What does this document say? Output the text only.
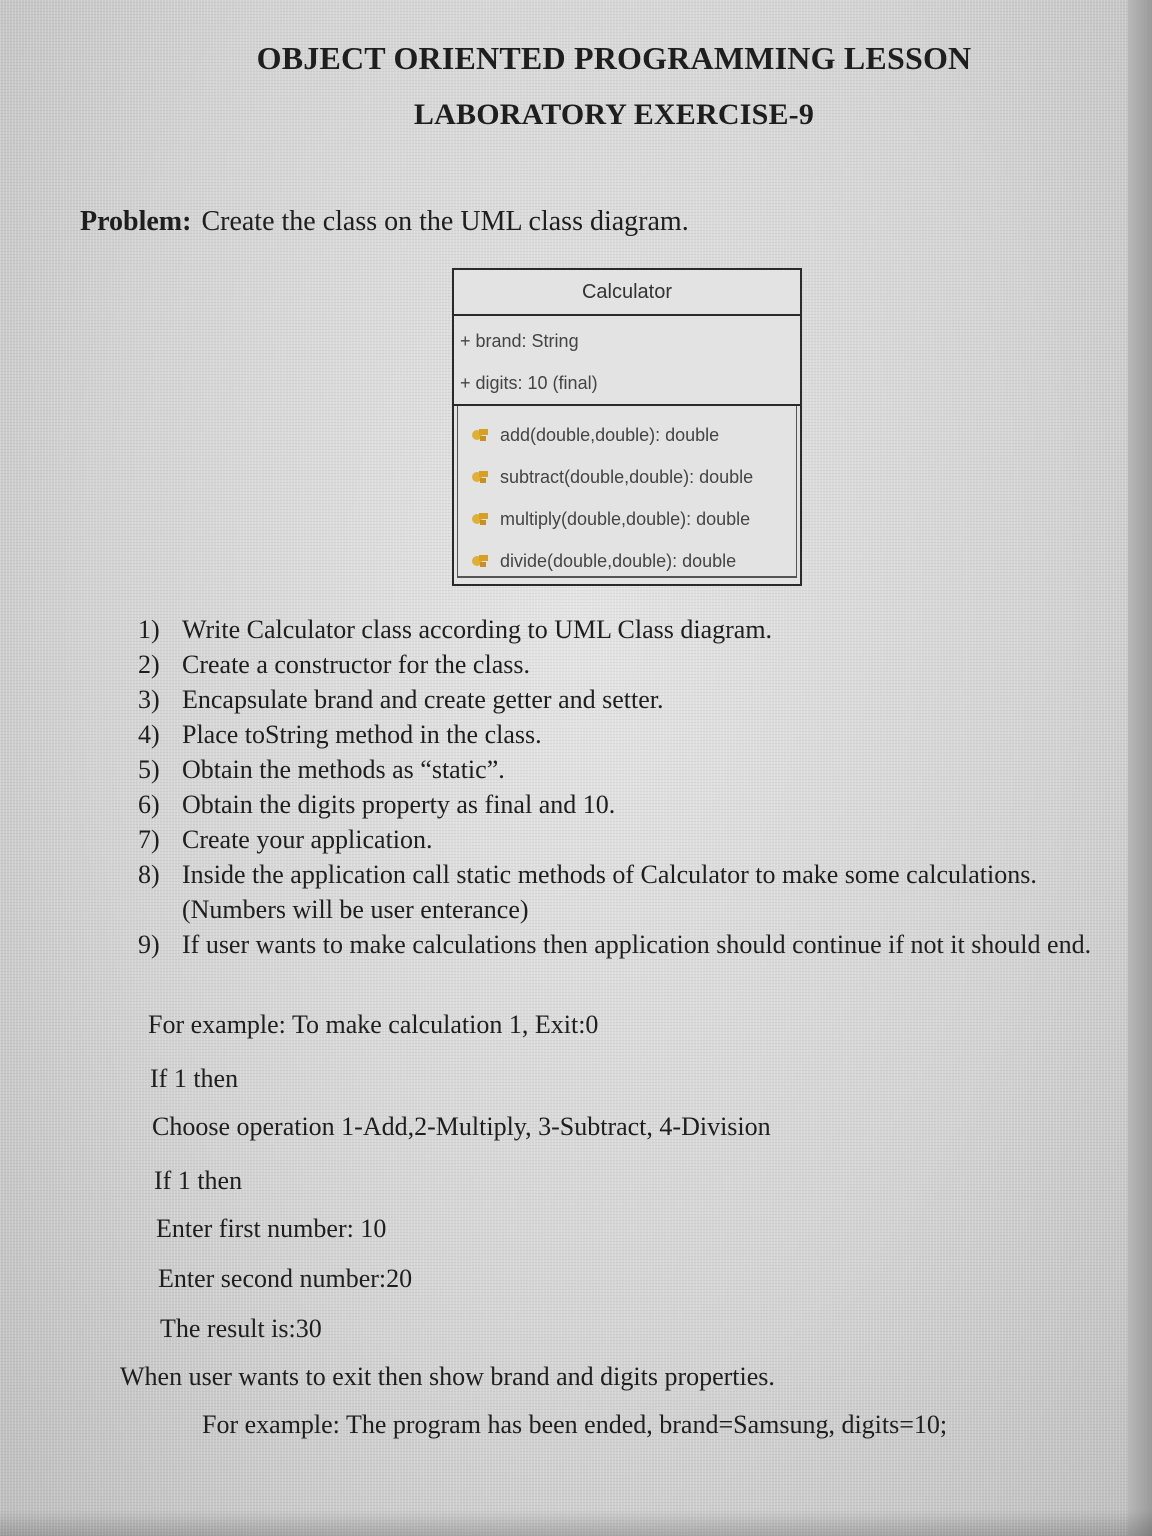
OBJECT ORIENTED PROGRAMMING LESSON
LABORATORY EXERCISE-9
Problem: Create the class on the UML class diagram.
Calculator
+ brand: String
+ digits: 10 (final)
add(double,double): double
subtract(double,double): double
multiply(double,double): double
divide(double,double): double
1) Write Calculator class according to UML Class diagram.
2) Create a constructor for the class.
3) Encapsulate brand and create getter and setter.
4) Place toString method in the class.
5) Obtain the methods as “static”.
6) Obtain the digits property as final and 10.
7) Create your application.
8) Inside the application call static methods of Calculator to make some calculations. (Numbers will be user enterance)
9) If user wants to make calculations then application should continue if not it should end.
For example: To make calculation 1, Exit:0
If 1 then
Choose operation 1-Add,2-Multiply, 3-Subtract, 4-Division
If 1 then
Enter first number: 10
Enter second number:20
The result is:30
When user wants to exit then show brand and digits properties.
For example: The program has been ended, brand=Samsung, digits=10;
